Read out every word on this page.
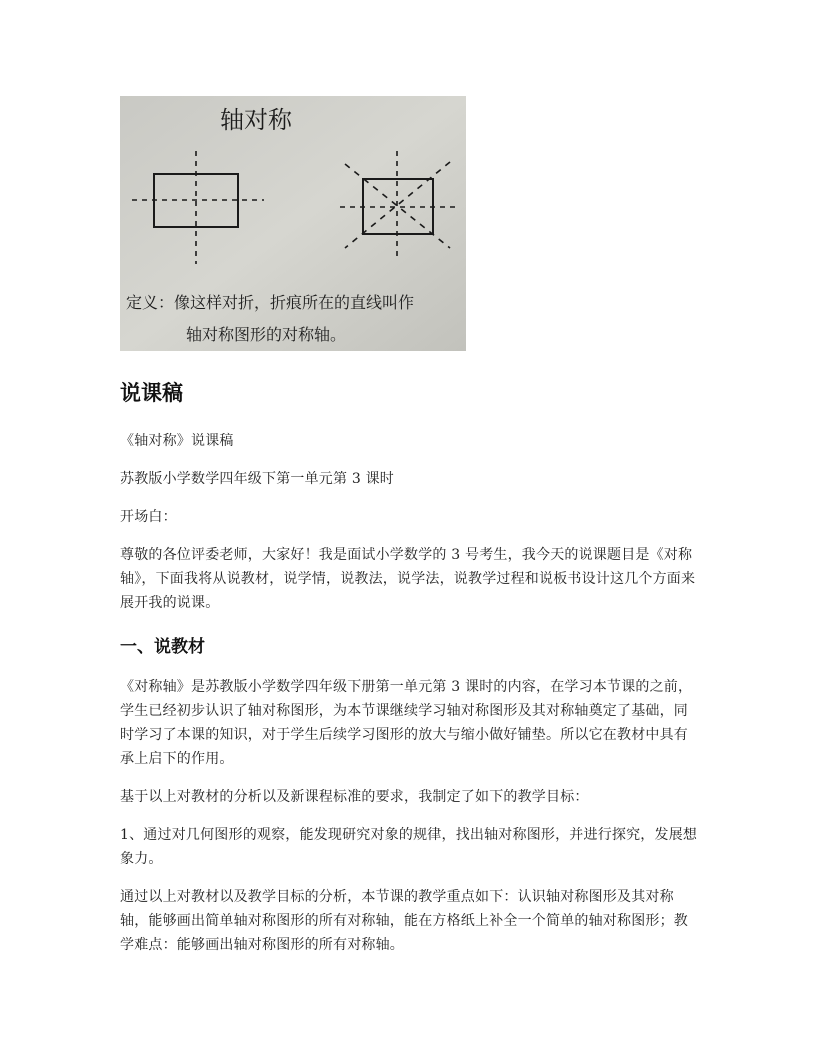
轴对称
定义：像这样对折，折痕所在的直线叫作
轴对称图形的对称轴。
说课稿

《轴对称》说课稿

苏教版小学数学四年级下第一单元第 3 课时

开场白：

尊敬的各位评委老师，大家好！我是面试小学数学的 3 号考生，我今天的说课题目是《对称轴》，下面我将从说教材，说学情，说教法，说学法，说教学过程和说板书设计这几个方面来展开我的说课。

一、说教材

《对称轴》是苏教版小学数学四年级下册第一单元第 3 课时的内容，在学习本节课的之前，学生已经初步认识了轴对称图形，为本节课继续学习轴对称图形及其对称轴奠定了基础，同时学习了本课的知识，对于学生后续学习图形的放大与缩小做好铺垫。所以它在教材中具有承上启下的作用。

基于以上对教材的分析以及新课程标准的要求，我制定了如下的教学目标：

1、通过对几何图形的观察，能发现研究对象的规律，找出轴对称图形，并进行探究，发展想象力。

通过以上对教材以及教学目标的分析，本节课的教学重点如下：认识轴对称图形及其对称轴，能够画出简单轴对称图形的所有对称轴，能在方格纸上补全一个简单的轴对称图形；教学难点：能够画出轴对称图形的所有对称轴。
